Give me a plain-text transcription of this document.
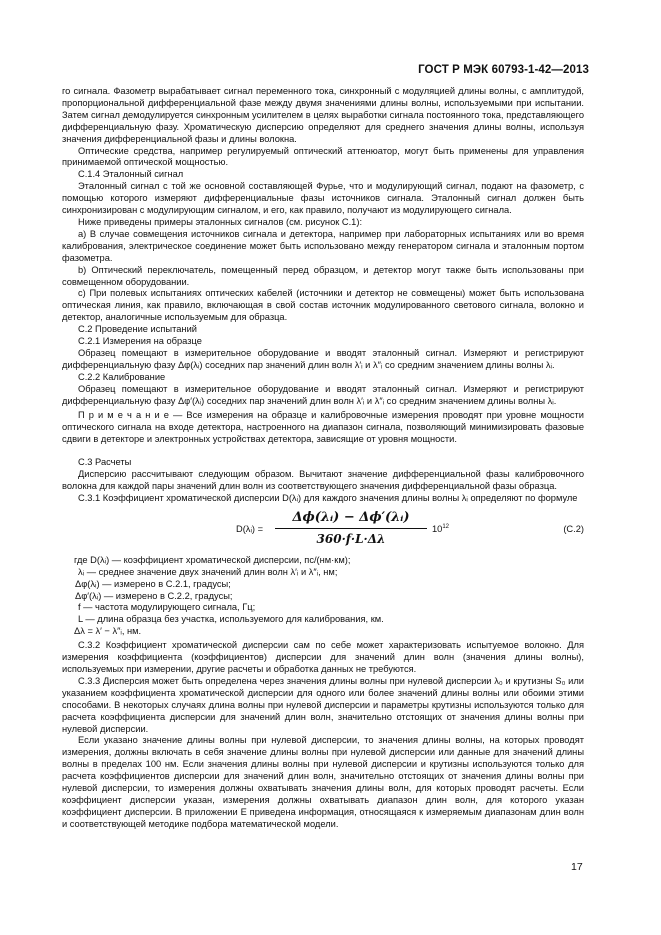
ГОСТ Р МЭК 60793-1-42—2013

го сигнала. Фазометр вырабатывает сигнал переменного тока, синхронный с модуляцией длины волны, с амплитудой, пропорциональной дифференциальной фазе между двумя значениями длины волны, используемыми при испытании. Затем сигнал демодулируется синхронным усилителем в целях выработки сигнала постоянного тока, представляющего дифференциальную фазу. Хроматическую дисперсию определяют для среднего значения длины волны, используя значения дифференциальной фазы и длины волокна.

Оптические средства, например регулируемый оптический аттенюатор, могут быть применены для управления принимаемой оптической мощностью.

С.1.4 Эталонный сигнал

Эталонный сигнал с той же основной составляющей Фурье, что и модулирующий сигнал, подают на фазометр, с помощью которого измеряют дифференциальные фазы источников сигнала. Эталонный сигнал должен быть синхронизирован с модулирующим сигналом, и его, как правило, получают из модулирующего сигнала.

Ниже приведены примеры эталонных сигналов (см. рисунок С.1):

а) В случае совмещения источников сигнала и детектора, например при лабораторных испытаниях или во время калибрования, электрическое соединение может быть использовано между генератором сигнала и эталонным портом фазометра.

b) Оптический переключатель, помещенный перед образцом, и детектор могут также быть использованы при совмещенном оборудовании.

с) При полевых испытаниях оптических кабелей (источники и детектор не совмещены) может быть использована оптическая линия, как правило, включающая в свой состав источник модулированного светового сигнала, волокно и детектор, аналогичные используемым для образца.

С.2 Проведение испытаний

С.2.1 Измерения на образце

Образец помещают в измерительное оборудование и вводят эталонный сигнал. Измеряют и регистрируют дифференциальную фазу Δφ(λᵢ) соседних пар значений длин волн λ′ᵢ и λ″ᵢ со средним значением длины волны λᵢ.

С.2.2 Калибрование

Образец помещают в измерительное оборудование и вводят эталонный сигнал. Измеряют и регистрируют дифференциальную фазу Δφ′(λᵢ) соседних пар значений длин волн λ′ᵢ и λ″ᵢ со средним значением длины волны λᵢ.

П р и м е ч а н и е — Все измерения на образце и калибровочные измерения проводят при уровне мощности оптического сигнала на входе детектора, настроенного на диапазон сигнала, позволяющий минимизировать фазовые сдвиги в детекторе и электронных устройствах детектора, зависящие от уровня мощности.

С.3 Расчеты

Дисперсию рассчитывают следующим образом. Вычитают значение дифференциальной фазы калибровочного волокна для каждой пары значений длин волн из соответствующего значения дифференциальной фазы образца.

С.3.1 Коэффициент хроматической дисперсии D(λᵢ) для каждого значения длины волны λᵢ определяют по формуле

D(λᵢ) =
Δϕ(λᵢ) − Δϕ′(λᵢ)
360·f·L·Δλ
$10^{12}$	(С.2)

где D(λᵢ) — коэффициент хроматической дисперсии, пс/(нм·км);

λᵢ — среднее значение двух значений длин волн λ′ᵢ и λ″ᵢ, нм;

Δφ(λᵢ) — измерено в С.2.1, градусы;

Δφ′(λᵢ) — измерено в С.2.2, градусы;

f — частота модулирующего сигнала, Гц;

L — длина образца без участка, используемого для калибрования, км.

Δλ = λ′ − λ″ᵢ, нм.

С.3.2 Коэффициент хроматической дисперсии сам по себе может характеризовать испытуемое волокно. Для измерения коэффициента (коэффициентов) дисперсии для значений длин волн (значения длины волны), используемых при измерении, другие расчеты и обработка данных не требуются.

С.3.3 Дисперсия может быть определена через значения длины волны при нулевой дисперсии λ₀ и крутизны S₀ или указанием коэффициента хроматической дисперсии для одного или более значений длины волны или обоими этими способами. В некоторых случаях длина волны при нулевой дисперсии и параметры крутизны используются только для расчета коэффициента дисперсии для значений длин волн, значительно отстоящих от значения длины волны при нулевой дисперсии.

Если указано значение длины волны при нулевой дисперсии, то значения длины волны, на которых проводят измерения, должны включать в себя значение длины волны при нулевой дисперсии или данные для значений длины волны в пределах 100 нм. Если значения длины волны при нулевой дисперсии и крутизны используются только для расчета коэффициентов дисперсии для значений длин волн, значительно отстоящих от значения длины волны при нулевой дисперсии, то измерения должны охватывать значения длины волн, для которых проводят расчеты. Если коэффициент дисперсии указан, измерения должны охватывать диапазон длин волн, для которого указан коэффициент дисперсии. В приложении Е приведена информация, относящаяся к измеряемым диапазонам длин волн и соответствующей методике подбора математической модели.

17
